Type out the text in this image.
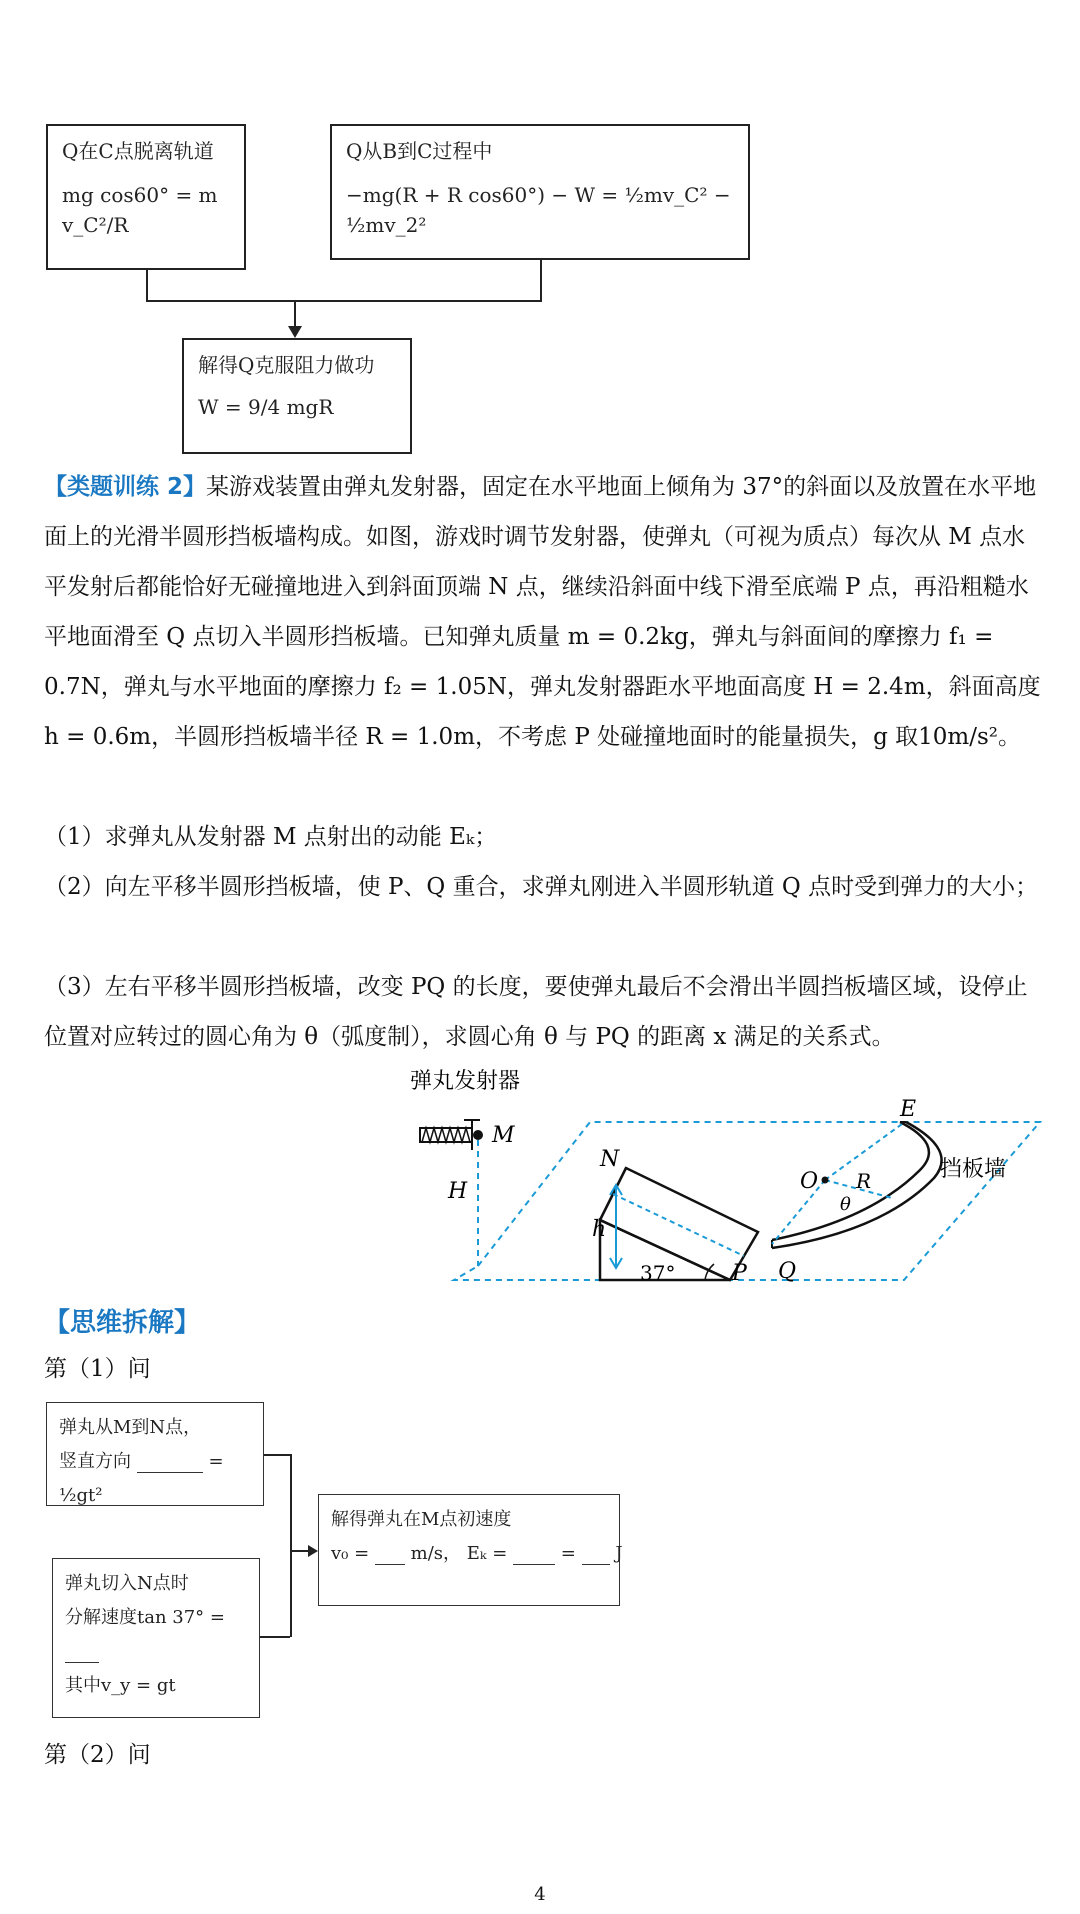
Q在C点脱离轨道
mg cos60° = m v_C²/R
Q从B到C过程中
−mg(R + R cos60°) − W = ½mv_C² − ½mv_2²
解得Q克服阻力做功
W = 9/4 mgR
【类题训练 2】某游戏装置由弹丸发射器，固定在水平地面上倾角为 37°的斜面以及放置在水平地面上的光滑半圆形挡板墙构成。如图，游戏时调节发射器，使弹丸（可视为质点）每次从 M 点水平发射后都能恰好无碰撞地进入到斜面顶端 N 点，继续沿斜面中线下滑至底端 P 点，再沿粗糙水平地面滑至 Q 点切入半圆形挡板墙。已知弹丸质量 m = 0.2kg，弹丸与斜面间的摩擦力 f₁ = 0.7N，弹丸与水平地面的摩擦力 f₂ = 1.05N，弹丸发射器距水平地面高度 H = 2.4m，斜面高度 h = 0.6m，半圆形挡板墙半径 R = 1.0m，不考虑 P 处碰撞地面时的能量损失，g 取10m/s²。
（1）求弹丸从发射器 M 点射出的动能 Eₖ；
（2）向左平移半圆形挡板墙，使 P、Q 重合，求弹丸刚进入半圆形轨道 Q 点时受到弹力的大小；
（3）左右平移半圆形挡板墙，改变 PQ 的长度，要使弹丸最后不会滑出半圆挡板墙区域，设停止位置对应转过的圆心角为 θ（弧度制），求圆心角 θ 与 PQ 的距离 x 满足的关系式。
弹丸发射器
M
H
N
h
37°	P
E
O R
θ
Q
挡板墙
【思维拆解】
第（1）问
弹丸从M到N点，
竖直方向	= ½gt²
弹丸切入N点时
分解速度tan 37° =
其中v_y = gt
解得弹丸在M点初速度
v₀ = m/s， Eₖ =	= J
第（2）问
4
